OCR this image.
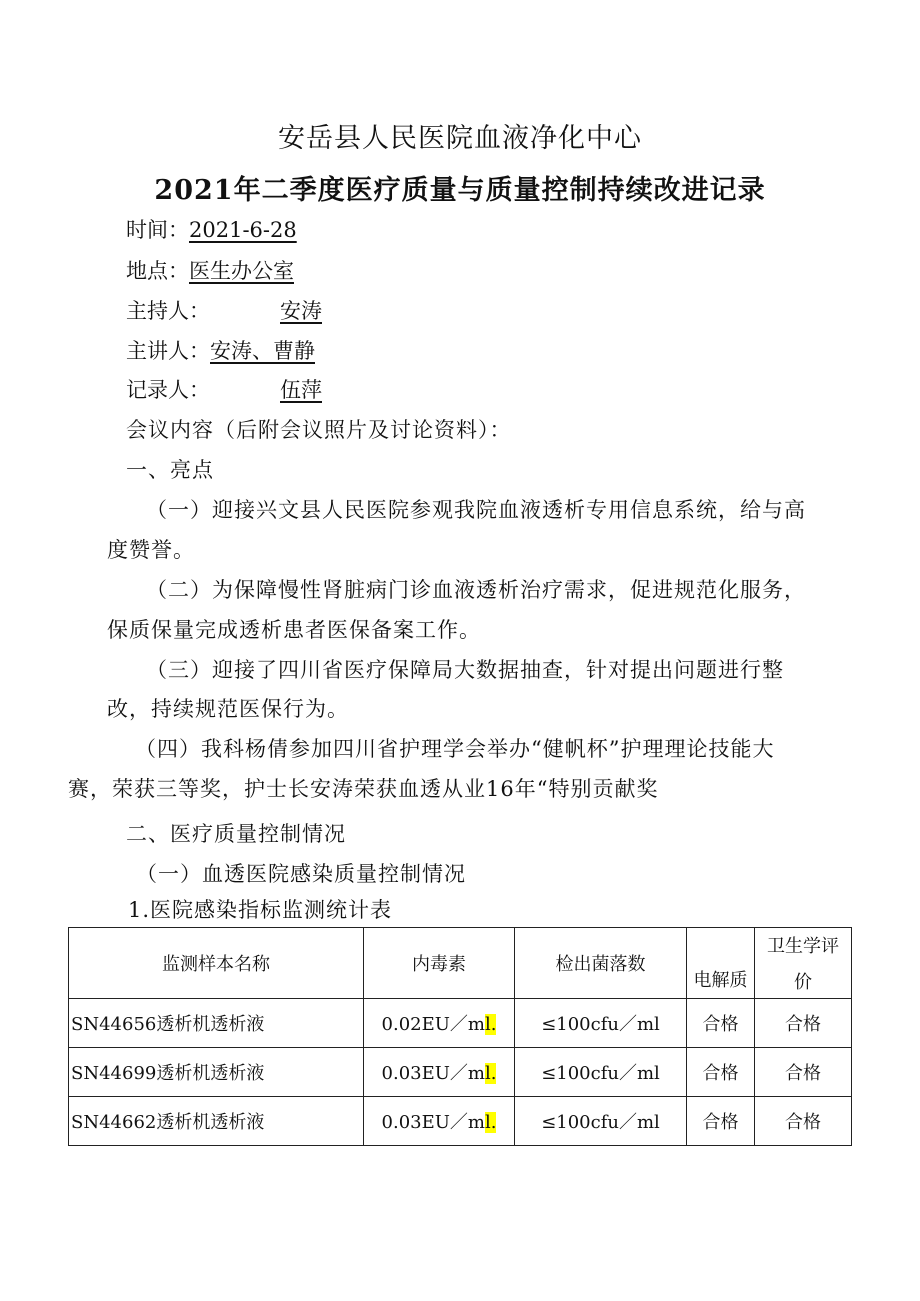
安岳县人民医院血液净化中心
2021年二季度医疗质量与质量控制持续改进记录
时间：2021-6-28
地点：医生办公室
主持人：	安涛
主讲人：安涛、曹静
记录人：	伍萍
会议内容（后附会议照片及讨论资料）：
一、亮点
（一）迎接兴文县人民医院参观我院血液透析专用信息系统，给与高
度赞誉。
（二）为保障慢性肾脏病门诊血液透析治疗需求，促进规范化服务，
保质保量完成透析患者医保备案工作。
（三）迎接了四川省医疗保障局大数据抽查，针对提出问题进行整
改，持续规范医保行为。
（四）我科杨倩参加四川省护理学会举办“健帆杯”护理理论技能大
赛，荣获三等奖，护士长安涛荣获血透从业16年“特别贡献奖
二、医疗质量控制情况
（一）血透医院感染质量控制情况
1.医院感染指标监测统计表
监测样本名称	内毒素	检出菌落数	电解质	卫生学评
价

SN44656透析机透析液	0.02EU／ml.	≤100cfu／ml	合格	合格
SN44699透析机透析液	0.03EU／ml.	≤100cfu／ml	合格	合格
SN44662透析机透析液	0.03EU／ml.	≤100cfu／ml	合格	合格
